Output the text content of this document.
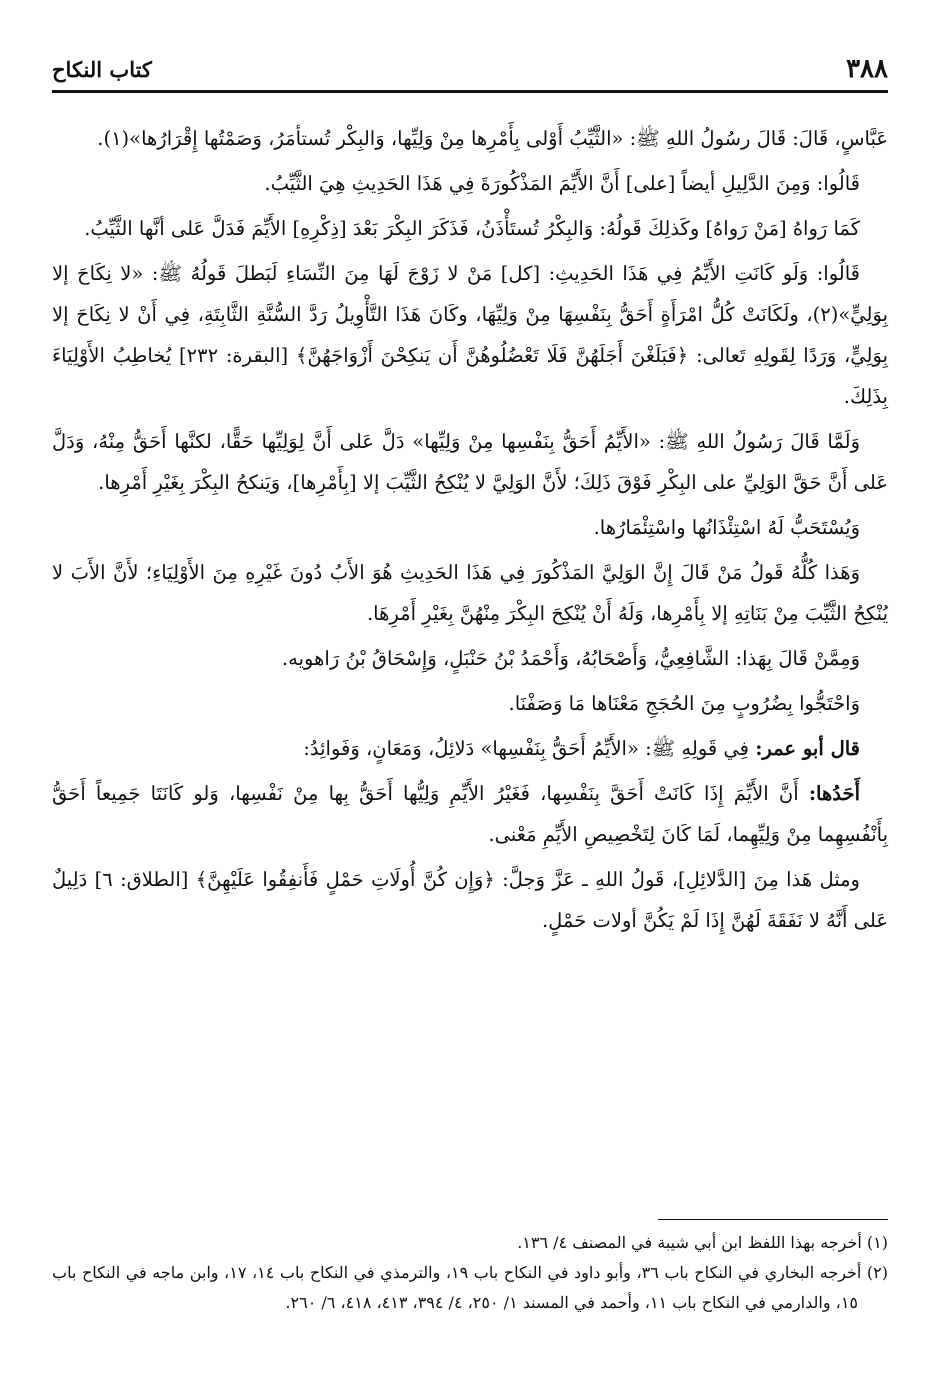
٣٨٨
كتاب النكاح

عَبَّاسٍ، قَالَ: قَالَ رسُولُ اللهِ ﷺ: «الثَّيِّبُ أَوْلى بِأَمْرِها مِنْ وَلِيِّها، وَالبِكْر تُستأمَرُ، وَصَمْتُها إِقْرَارُها»(١).

قَالُوا: وَمِنَ الدَّلِيلِ أيضاً [على] أَنَّ الأَيِّمَ المَذْكُورَةَ فِي هَذَا الحَدِيثِ هِيَ الثَّيِّبُ.

كَمَا رَواهُ [مَنْ رَواهُ] وكَذلِكَ قَولُهُ: وَالبِكْرُ تُستَأْذَنُ، فَذَكَرَ البِكْرَ بَعْدَ [ذِكْرِهِ] الأَيِّمَ فَدَلَّ عَلى أنَّها الثَّيِّبُ.

قَالُوا: وَلَو كَانَتِ الأَيِّمُ فِي هَذَا الحَدِيثِ: [كل] مَنْ لا زَوْجَ لَهَا مِنَ النِّسَاءِ لَبَطلَ قَولُهُ ﷺ: «لا نِكَاحَ إلا بِوَلِيٍّ»(٢)، ولَكَانَتْ كُلُّ امْرَأَةٍ أَحَقُّ بِنَفْسِهَا مِنْ وَلِيِّهَا، وكَانَ هَذَا التَّأْوِيلُ رَدَّ السُّنَّةِ الثَّابِتَةِ، فِي أَنْ لا نِكَاحَ إلا بِوَلِيٍّ، وَرَدًا لِقَولِهِ تَعالى: ﴿فَبَلَغْنَ أَجَلَهُنَّ فَلَا تَعْضُلُوهُنَّ أَن يَنكِحْنَ أَزْوَاجَهُنَّ﴾ [البقرة: ٢٣٢] يُخاطِبُ الأَوْلِيَاءَ بِذَلِكَ.

وَلَمَّا قَالَ رَسُولُ اللهِ ﷺ: «الأَيِّمُ أَحَقُّ بِنَفْسِها مِنْ وَلِيِّها» دَلَّ عَلى أَنَّ لِوَلِيِّها حَقًّا، لكنَّها أَحَقُّ مِنْهُ، وَدَلَّ عَلى أَنَّ حَقَّ الوَلِيِّ على البِكْرِ فَوْقَ ذَلِكَ؛ لأَنَّ الوَلِيَّ لا يُنْكِحُ الثَّيِّبَ إلا [بِأَمْرِها]، وَيَنكحُ البِكْرَ بِغَيْرِ أَمْرِها.

وَيُسْتَحَبُّ لَهُ اسْتِئْذَانُها واسْتِئْمَارُها.

وَهَذا كُلُّهُ قَولُ مَنْ قَالَ إِنَّ الوَلِيَّ المَذْكُورَ فِي هَذَا الحَدِيثِ هُوَ الأَبُ دُونَ غَيْرِهِ مِنَ الأَوْلِيَاءِ؛ لأَنَّ الأَبَ لا يُنْكِحُ الثَّيِّبَ مِنْ بَنَاتِهِ إلا بِأَمْرِها، وَلَهُ أَنْ يُنْكِحَ البِكْرَ مِنْهُنَّ بِغَيْرِ أَمْرِهَا.

وَمِمَّنْ قَالَ بِهَذا: الشَّافِعِيُّ، وَأَصْحَابُهُ، وَأَحْمَدُ بْنُ حَنْبَلٍ، وَإِسْحَاقُ بْنُ رَاهويه.

وَاحْتَجُّوا بِضُرُوبٍ مِنَ الحُجَجِ مَعْنَاها مَا وَصَفْنَا.

قال أبو عمر: فِي قَولِهِ ﷺ: «الأَيِّمُ أَحَقُّ بِنَفْسِها» دَلائِلُ، وَمَعَانٍ، وَفَوائِدُ:

أَحَدُها: أَنَّ الأَيِّمَ إِذَا كَانَتْ أَحَقَّ بِنَفْسِها، فَغَيْرُ الأَيِّمِ وَلِيُّها أَحَقُّ بِها مِنْ نَفْسِها، وَلو كَانَتَا جَمِيعاً أَحَقُّ بِأَنْفُسِهِما مِنْ وَلِيِّهِما، لَمَا كَانَ لِتَخْصِيصِ الأَيِّمِ مَعْنى.

ومثل هَذا مِنَ [الدَّلائِلِ]، قَولُ اللهِ ـ عَزَّ وَجلَّ: ﴿وَإِن كُنَّ أُولَاتِ حَمْلٍ فَأَنفِقُوا عَلَيْهِنَّ﴾ [الطلاق: ٦] دَلِيلٌ عَلى أَنَّهُ لا نَفَقَةَ لَهُنَّ إِذَا لَمْ يَكُنَّ أولات حَمْلٍ.

(١) أخرجه بهذا اللفظ ابن أبي شيبة في المصنف ٤/ ١٣٦.

(٢) أخرجه البخاري في النكاح باب ٣٦، وأبو داود في النكاح باب ١٩، والترمذي في النكاح باب ١٤، ١٧، وابن ماجه في النكاح باب ١٥، والدارمي في النكاح باب ١١، وأحمد في المسند ١/ ٢٥٠، ٤/ ٣٩٤، ٤١٣، ٤١٨، ٦/ ٢٦٠.
